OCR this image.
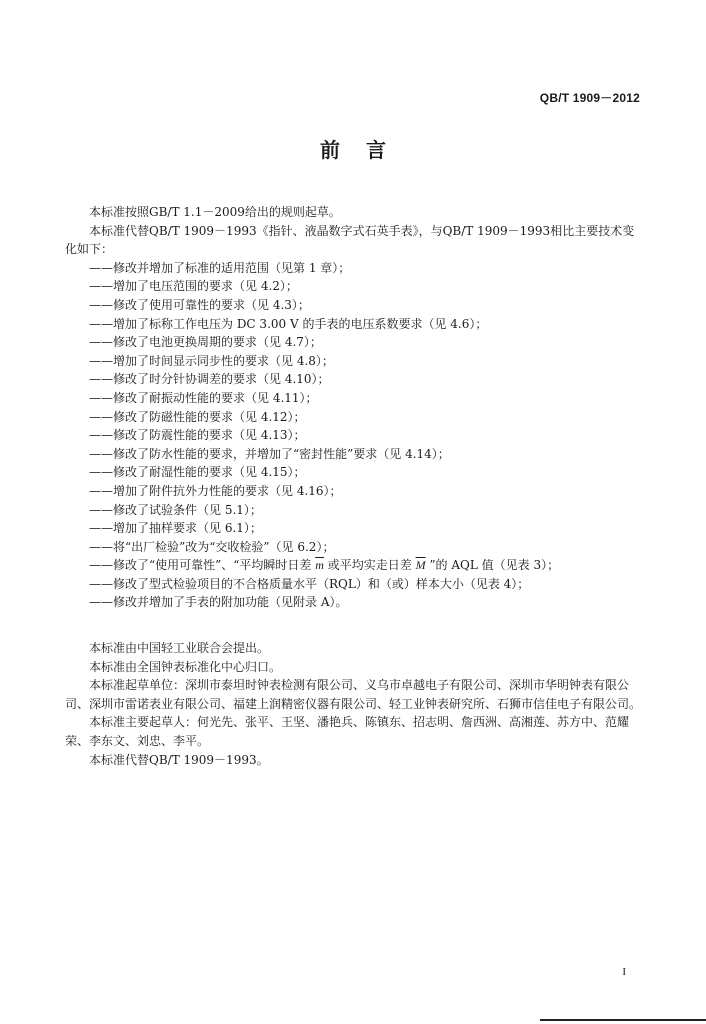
QB/T 1909－2012
前言

本标准按照GB/T 1.1－2009给出的规则起草。

本标准代替QB/T 1909－1993《指针、液晶数字式石英手表》，与QB/T 1909－1993相比主要技术变化如下：

——修改并增加了标准的适用范围（见第 1 章）；

——增加了电压范围的要求（见 4.2）；

——修改了使用可靠性的要求（见 4.3）；

——增加了标称工作电压为 DC 3.00 V 的手表的电压系数要求（见 4.6）；

——修改了电池更换周期的要求（见 4.7）；

——增加了时间显示同步性的要求（见 4.8）；

——修改了时分针协调差的要求（见 4.10）；

——修改了耐振动性能的要求（见 4.11）；

——修改了防磁性能的要求（见 4.12）；

——修改了防震性能的要求（见 4.13）；

——修改了防水性能的要求，并增加了“密封性能”要求（见 4.14）；

——修改了耐湿性能的要求（见 4.15）；

——增加了附件抗外力性能的要求（见 4.16）；

——修改了试验条件（见 5.1）；

——增加了抽样要求（见 6.1）；

——将“出厂检验”改为“交收检验”（见 6.2）；

——修改了“使用可靠性”、“平均瞬时日差 $\overline{m}$ 或平均实走日差 $\overline{M}$ ”的 AQL 值（见表 3）；

——修改了型式检验项目的不合格质量水平（RQL）和（或）样本大小（见表 4）；

——修改并增加了手表的附加功能（见附录 A）。

本标准由中国轻工业联合会提出。

本标准由全国钟表标准化中心归口。

本标准起草单位：深圳市泰坦时钟表检测有限公司、义乌市卓越电子有限公司、深圳市华明钟表有限公司、深圳市雷诺表业有限公司、福建上润精密仪器有限公司、轻工业钟表研究所、石狮市信佳电子有限公司。

本标准主要起草人：何光先、张平、王坚、潘艳兵、陈镇东、招志明、詹西洲、高湘莲、苏方中、范耀荣、李东文、刘忠、李平。

本标准代替QB/T 1909－1993。

I
